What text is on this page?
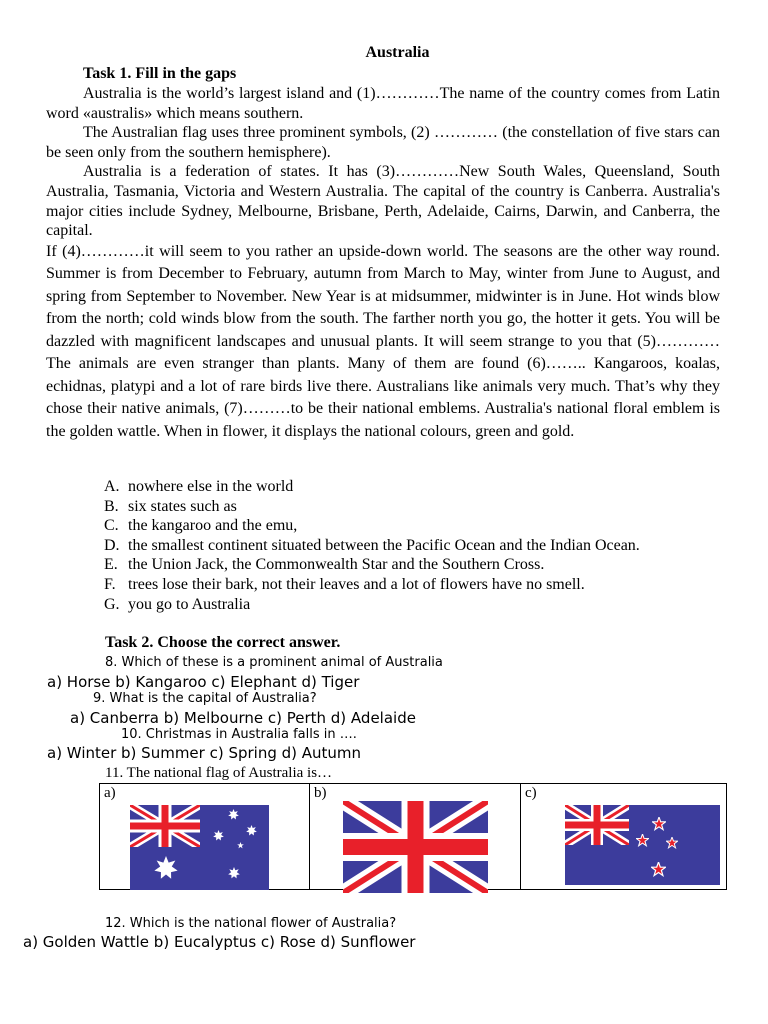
Australia
Task 1. Fill in the gaps

Australia is the world’s largest island and (1)…………The name of the country comes from Latin word «australis» which means southern.

The Australian flag uses three prominent symbols, (2) ………… (the constellation of five stars can be seen only from the southern hemisphere).

Australia is a federation of states. It has (3)…………New South Wales, Queensland, South Australia, Tasmania, Victoria and Western Australia. The capital of the country is Canberra. Australia's major cities include Sydney, Melbourne, Brisbane, Perth, Adelaide, Cairns, Darwin, and Canberra, the capital.

If (4)…………it will seem to you rather an upside-down world. The seasons are the other way round. Summer is from December to February, autumn from March to May, winter from June to August, and spring from September to November. New Year is at midsummer, midwinter is in June. Hot winds blow from the north; cold winds blow from the south. The farther north you go, the hotter it gets. You will be dazzled with magnificent landscapes and unusual plants. It will seem strange to you that (5)…………The animals are even stranger than plants. Many of them are found (6)…….. Kangaroos, koalas, echidnas, platypi and a lot of rare birds live there. Australians like animals very much. That’s why they chose their native animals, (7)………to be their national emblems. Australia's national floral emblem is the golden wattle. When in flower, it displays the national colours, green and gold.

A. nowhere else in the world
B. six states such as
C. the kangaroo and the emu,
D. the smallest continent situated between the Pacific Ocean and the Indian Ocean.
E. the Union Jack, the Commonwealth Star and the Southern Cross.
F. trees lose their bark, not their leaves and a lot of flowers have no smell.
G. you go to Australia
Task 2. Choose the correct answer.
8. Which of these is a prominent animal of Australia
a) Horse b) Kangaroo c) Elephant d) Tiger
9. What is the capital of Australia?
a) Canberra b) Melbourne c) Perth d) Adelaide
10. Christmas in Australia falls in ….
a) Winter b) Summer c) Spring d) Autumn
11. The national flag of Australia is…
a)	b)	c)
12. Which is the national flower of Australia?
a) Golden Wattle b) Eucalyptus c) Rose d) Sunflower
